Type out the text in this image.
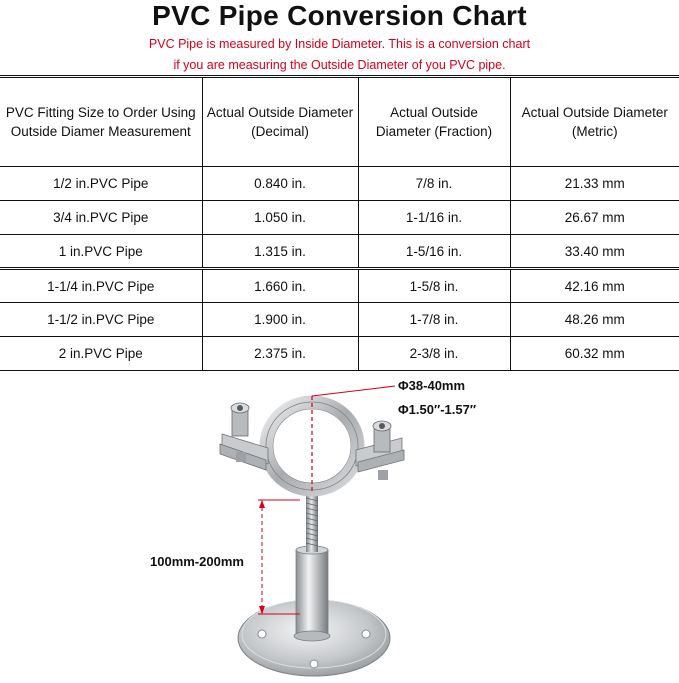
PVC Pipe Conversion Chart
PVC Pipe is measured by Inside Diameter. This is a conversion chart
if you are measuring the Outside Diameter of you PVC pipe.
PVC Fitting Size to Order Using Outside Diamer Measurement	Actual Outside Diameter (Decimal)	Actual Outside Diameter (Fraction)	Actual Outside Diameter (Metric)
1/2 in.PVC Pipe	0.840 in.	7/8 in.	21.33 mm
3/4 in.PVC Pipe	1.050 in.	1-1/16 in.	26.67 mm
1 in.PVC Pipe	1.315 in.	1-5/16 in.	33.40 mm
1-1/4 in.PVC Pipe	1.660 in.	1-5/8 in.	42.16 mm
1-1/2 in.PVC Pipe	1.900 in.	1-7/8 in.	48.26 mm
2 in.PVC Pipe	2.375 in.	2-3/8 in.	60.32 mm
Φ38-40mm
Φ1.50″-1.57″
100mm-200mm
